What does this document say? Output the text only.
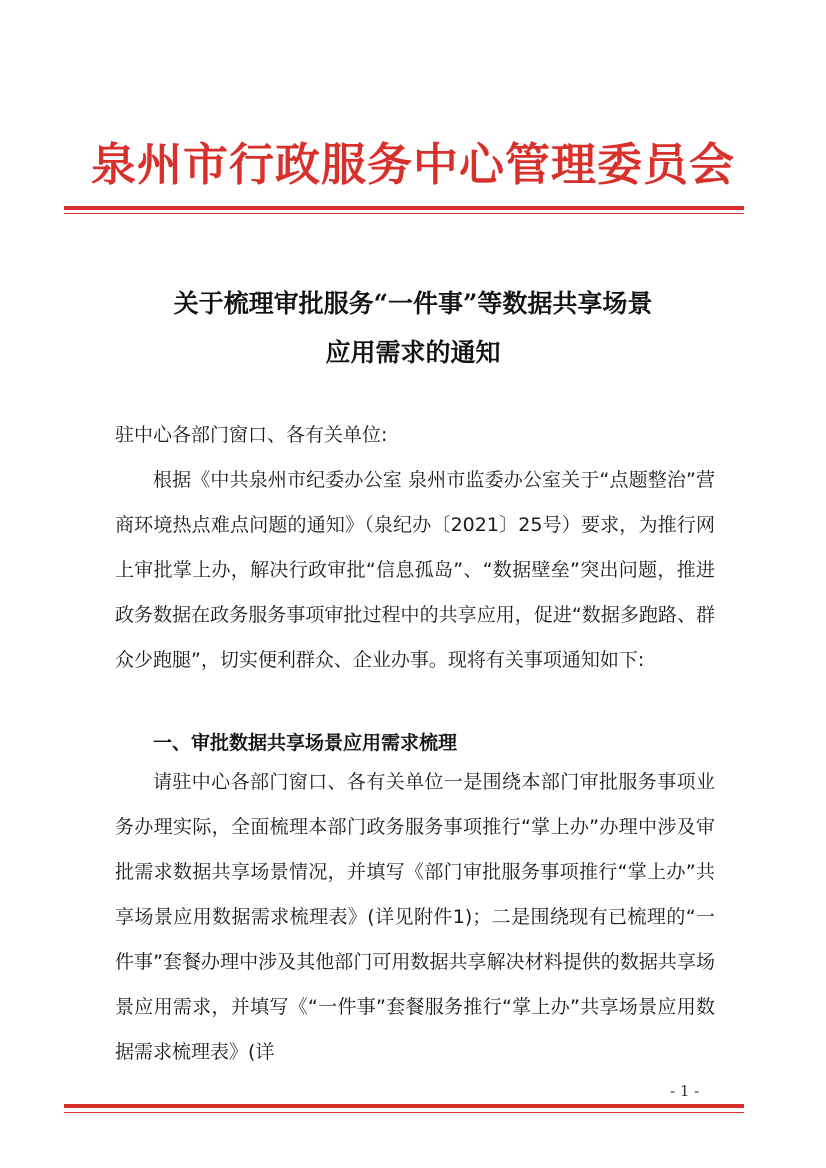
泉州市行政服务中心管理委员会
关于梳理审批服务“一件事”等数据共享场景
应用需求的通知
驻中心各部门窗口、各有关单位:
根据《中共泉州市纪委办公室 泉州市监委办公室关于“点题整治”营商环境热点难点问题的通知》（泉纪办〔2021〕25号）要求，为推行网上审批掌上办，解决行政审批“信息孤岛”、“数据壁垒”突出问题，推进政务数据在政务服务事项审批过程中的共享应用，促进“数据多跑路、群众少跑腿”，切实便利群众、企业办事。现将有关事项通知如下:
一、审批数据共享场景应用需求梳理
请驻中心各部门窗口、各有关单位一是围绕本部门审批服务事项业务办理实际，全面梳理本部门政务服务事项推行“掌上办”办理中涉及审批需求数据共享场景情况，并填写《部门审批服务事项推行“掌上办”共享场景应用数据需求梳理表》(详见附件1)；二是围绕现有已梳理的“一件事”套餐办理中涉及其他部门可用数据共享解决材料提供的数据共享场景应用需求，并填写《“一件事”套餐服务推行“掌上办”共享场景应用数据需求梳理表》(详
- 1 -
